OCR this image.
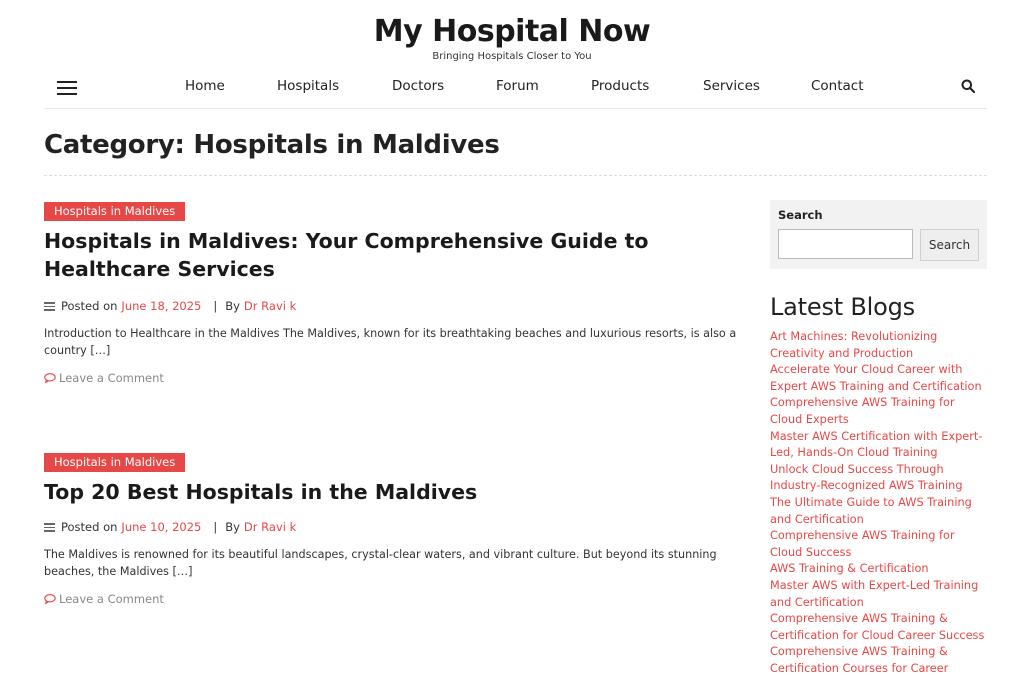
My Hospital Now
Bringing Hospitals Closer to You
Home	Hospitals	Doctors	Forum	Products	Services	Contact
Category: Hospitals in Maldives
Hospitals in Maldives
Hospitals in Maldives: Your Comprehensive Guide to Healthcare Services
Posted on June 18, 2025 | By Dr Ravi k
Introduction to Healthcare in the Maldives The Maldives, known for its breathtaking beaches and luxurious resorts, is also a country […]
Leave a Comment
Hospitals in Maldives
Top 20 Best Hospitals in the Maldives
Posted on June 10, 2025 | By Dr Ravi k
The Maldives is renowned for its beautiful landscapes, crystal-clear waters, and vibrant culture. But beyond its stunning beaches, the Maldives […]
Leave a Comment
Search
Search
Latest Blogs
Art Machines: Revolutionizing Creativity and Production
Accelerate Your Cloud Career with Expert AWS Training and Certification
Comprehensive AWS Training for Cloud Experts
Master AWS Certification with Expert-Led, Hands-On Cloud Training
Unlock Cloud Success Through Industry-Recognized AWS Training
The Ultimate Guide to AWS Training and Certification
Comprehensive AWS Training for Cloud Success
AWS Training & Certification
Master AWS with Expert-Led Training and Certification
Comprehensive AWS Training & Certification for Cloud Career Success
Comprehensive AWS Training & Certification Courses for Career
